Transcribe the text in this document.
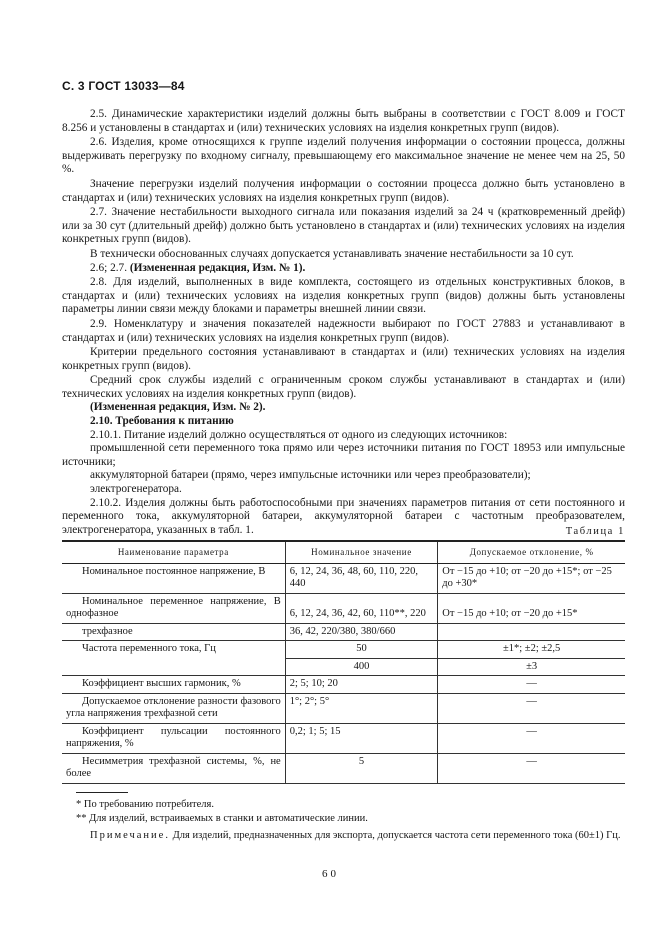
С. 3 ГОСТ 13033—84

2.5. Динамические характеристики изделий должны быть выбраны в соответствии с ГОСТ 8.009 и ГОСТ 8.256 и установлены в стандартах и (или) технических условиях на изделия конкретных групп (видов).

2.6. Изделия, кроме относящихся к группе изделий получения информации о состоянии процесса, должны выдерживать перегрузку по входному сигналу, превышающему его максимальное значение не менее чем на 25, 50 %.

Значение перегрузки изделий получения информации о состоянии процесса должно быть установлено в стандартах и (или) технических условиях на изделия конкретных групп (видов).

2.7. Значение нестабильности выходного сигнала или показания изделий за 24 ч (кратковременный дрейф) или за 30 сут (длительный дрейф) должно быть установлено в стандартах и (или) технических условиях на изделия конкретных групп (видов).

В технически обоснованных случаях допускается устанавливать значение нестабильности за 10 сут.

2.6; 2.7. (Измененная редакция, Изм. № 1).

2.8. Для изделий, выполненных в виде комплекта, состоящего из отдельных конструктивных блоков, в стандартах и (или) технических условиях на изделия конкретных групп (видов) должны быть установлены параметры линии связи между блоками и параметры внешней линии связи.

2.9. Номенклатуру и значения показателей надежности выбирают по ГОСТ 27883 и устанавливают в стандартах и (или) технических условиях на изделия конкретных групп (видов).

Критерии предельного состояния устанавливают в стандартах и (или) технических условиях на изделия конкретных групп (видов).

Средний срок службы изделий с ограниченным сроком службы устанавливают в стандартах и (или) технических условиях на изделия конкретных групп (видов).

(Измененная редакция, Изм. № 2).

2.10. Требования к питанию

2.10.1. Питание изделий должно осуществляться от одного из следующих источников:

промышленной сети переменного тока прямо или через источники питания по ГОСТ 18953 или импульсные источники;

аккумуляторной батареи (прямо, через импульсные источники или через преобразователи);

электрогенератора.

2.10.2. Изделия должны быть работоспособными при значениях параметров питания от сети постоянного и переменного тока, аккумуляторной батареи, аккумуляторной батареи с частотным преобразователем, электрогенератора, указанных в табл. 1.	Таблица 1
Наименование параметра	Номинальное значение	Допускаемое отклонение, %
Номинальное постоянное напряжение, В	6, 12, 24, 36, 48, 60, 110, 220, 440	От −15 до +10; от −20 до +15*; от −25 до +30*
Номинальное переменное напряжение, В однофазное	6, 12, 24, 36, 42, 60, 110**, 220	От −15 до +10; от −20 до +15*
трехфазное	36, 42, 220/380, 380/660	
Частота переменного тока, Гц	50	±1*; ±2; ±2,5
	400	±3
Коэффициент высших гармоник, %	2; 5; 10; 20	—
Допускаемое отклонение разности фазового угла напряжения трехфазной сети	1°; 2°; 5°	—
Коэффициент пульсации постоянного напряжения, %	0,2; 1; 5; 15	—
Несимметрия трехфазной системы, %, не более	5	—
* По требованию потребителя.
** Для изделий, встраиваемых в станки и автоматические линии.
Примечание. Для изделий, предназначенных для экспорта, допускается частота сети переменного тока (60±1) Гц.
60
